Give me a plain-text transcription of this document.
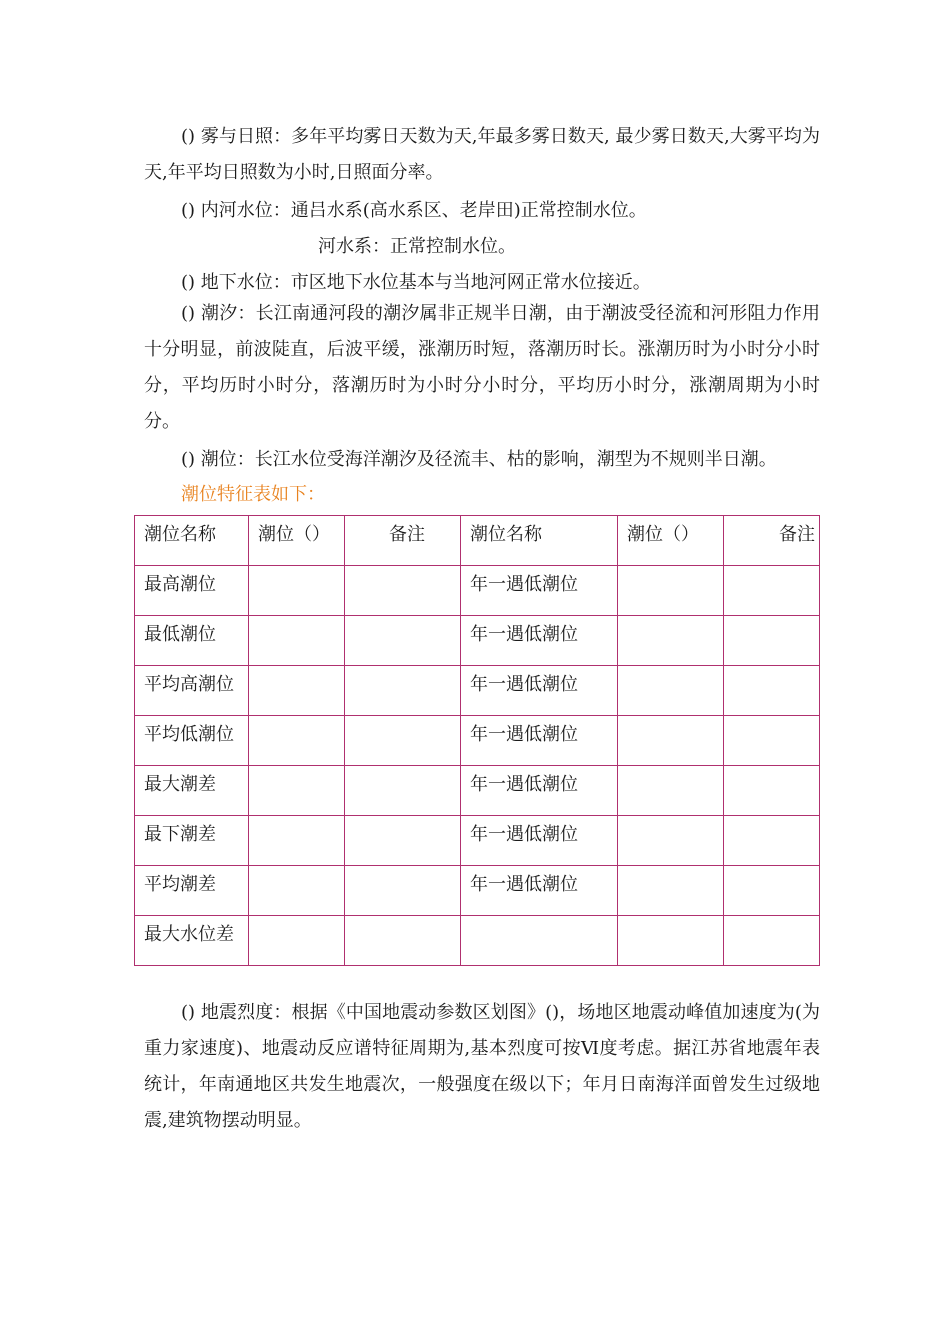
() 雾与日照：多年平均雾日天数为天,年最多雾日数天, 最少雾日数天,大雾平均为天,年平均日照数为小时,日照面分率。

() 内河水位：通吕水系(高水系区、老岸田)正常控制水位。

河水系：正常控制水位。

() 地下水位：市区地下水位基本与当地河网正常水位接近。

() 潮汐：长江南通河段的潮汐属非正规半日潮，由于潮波受径流和河形阻力作用十分明显，前波陡直，后波平缓，涨潮历时短，落潮历时长。涨潮历时为小时分小时分，平均历时小时分，落潮历时为小时分小时分，平均历小时分，涨潮周期为小时分。

() 潮位：长江水位受海洋潮汐及径流丰、枯的影响，潮型为不规则半日潮。

潮位特征表如下：

潮位名称	潮位（）	备注	潮位名称	潮位（）	备注
最高潮位			年一遇低潮位		
最低潮位			年一遇低潮位		
平均高潮位			年一遇低潮位		
平均低潮位			年一遇低潮位		
最大潮差			年一遇低潮位		
最下潮差			年一遇低潮位		
平均潮差			年一遇低潮位		
最大水位差					

() 地震烈度：根据《中国地震动参数区划图》()，场地区地震动峰值加速度为(为重力家速度)、地震动反应谱特征周期为,基本烈度可按Ⅵ度考虑。据江苏省地震年表统计，年南通地区共发生地震次，一般强度在级以下；年月日南海洋面曾发生过级地震,建筑物摆动明显。
